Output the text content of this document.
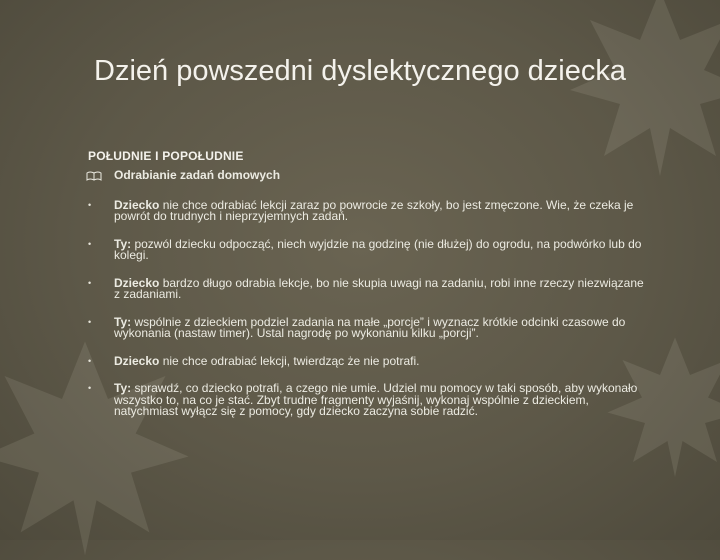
Dzień powszedni dyslektycznego dziecka
POŁUDNIE I POPOŁUDNIE
Odrabianie zadań domowych
•	Dziecko nie chce odrabiać lekcji zaraz po powrocie ze szkoły, bo jest zmęczone. Wie, że czeka je powrót do trudnych i nieprzyjemnych zadań.
•	Ty: pozwól dziecku odpocząć, niech wyjdzie na godzinę (nie dłużej) do ogrodu, na podwórko lub do kolegi.
•	Dziecko bardzo długo odrabia lekcje, bo nie skupia uwagi na zadaniu, robi inne rzeczy niezwiązane z zadaniami.
•	Ty: wspólnie z dzieckiem podziel zadania na małe „porcje” i wyznacz krótkie odcinki czasowe do wykonania (nastaw timer). Ustal nagrodę po wykonaniu kilku „porcji”.
•	Dziecko nie chce odrabiać lekcji, twierdząc że nie potrafi.
•	Ty: sprawdź, co dziecko potrafi, a czego nie umie. Udziel mu pomocy w taki sposób, aby wykonało wszystko to, na co je stać. Zbyt trudne fragmenty wyjaśnij, wykonaj wspólnie z dzieckiem, natychmiast wyłącz się z pomocy, gdy dziecko zaczyna sobie radzić.
